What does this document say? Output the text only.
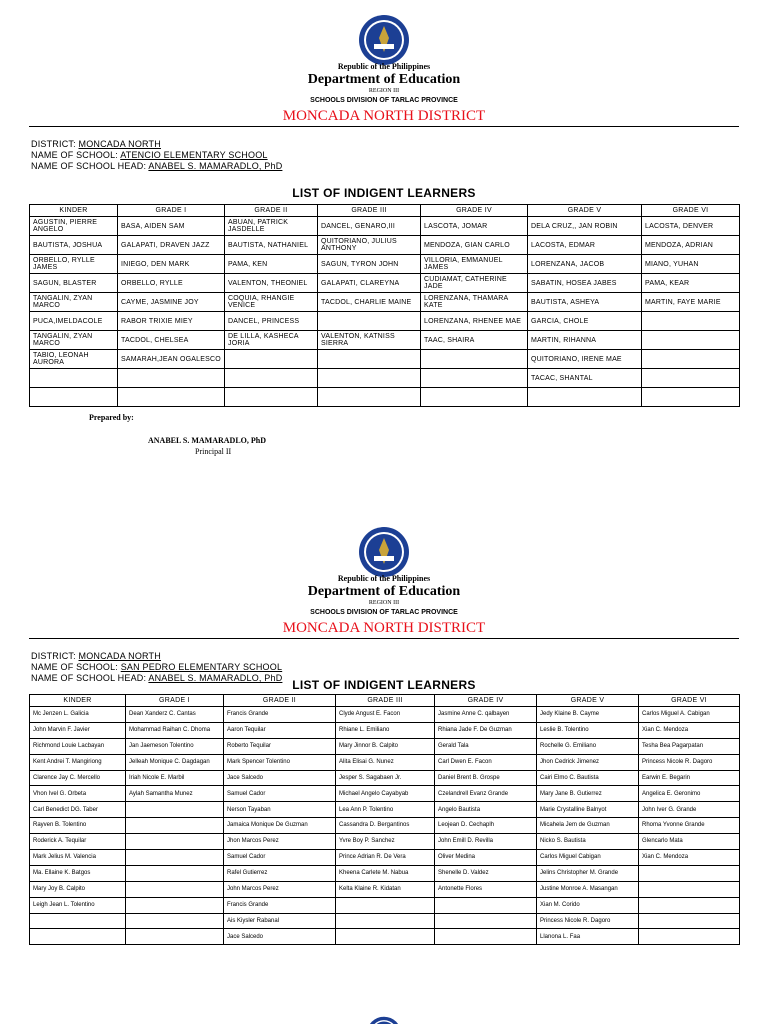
Republic of the Philippines
Department of Education
REGION III
SCHOOLS DIVISION OF TARLAC PROVINCE
MONCADA NORTH DISTRICT
DISTRICT: MONCADA NORTH
NAME OF SCHOOL: ATENCIO ELEMENTARY SCHOOL
NAME OF SCHOOL HEAD: ANABEL S. MAMARADLO, PhD
LIST OF INDIGENT LEARNERS
KINDER	GRADE I	GRADE II	GRADE III	GRADE IV	GRADE V	GRADE VI
AGUSTIN, PIERRE ANGELO	BASA, AIDEN SAM	ABUAN, PATRICK JASDELLE	DANCEL, GENARO,III	LASCOTA, JOMAR	DELA CRUZ,, JAN ROBIN	LACOSTA, DENVER
BAUTISTA, JOSHUA	GALAPATI, DRAVEN JAZZ	BAUTISTA, NATHANIEL	QUITORIANO, JULIUS ANTHONY	MENDOZA, GIAN CARLO	LACOSTA, EDMAR	MENDOZA, ADRIAN
ORBELLO, RYLLE JAMES	INIEGO, DEN MARK	PAMA, KEN	SAGUN, TYRON JOHN	VILLORIA, EMMANUEL JAMES	LORENZANA, JACOB	MIANO, YUHAN
SAGUN, BLASTER	ORBELLO, RYLLE	VALENTON, THEONIEL	GALAPATI, CLAREYNA	CUDIAMAT, CATHERINE JADE	SABATIN, HOSEA JABES	PAMA, KEAR
TANGALIN, ZYAN MARCO	CAYME, JASMINE JOY	COQUIA, RHANGIE VENICE	TACDOL, CHARLIE MAINE	LORENZANA, THAMARA KATE	BAUTISTA, ASHEYA	MARTIN, FAYE MARIE
PUCA,IMELDACOLE	RABOR TRIXIE MIEY	DANCEL, PRINCESS		LORENZANA, RHENEE MAE	GARCIA, CHOLE	
TANGALIN, ZYAN MARCO	TACDOL, CHELSEA	DE LILLA, KASHECA JORIA	VALENTON, KATNISS SIERRA	TAAC, SHAIRA	MARTIN, RIHANNA	
TABIO, LEONAH AURORA	SAMARAH,JEAN OGALESCO				QUITORIANO, IRENE MAE	
					TACAC, SHANTAL	

Prepared by:
ANABEL S. MAMARADLO, PhD
Principal II
Republic of the Philippines
Department of Education
REGION III
SCHOOLS DIVISION OF TARLAC PROVINCE
MONCADA NORTH DISTRICT
DISTRICT: MONCADA NORTH
NAME OF SCHOOL: SAN PEDRO ELEMENTARY SCHOOL
NAME OF SCHOOL HEAD: ANABEL S. MAMARADLO, PhD LIST OF INDIGENT LEARNERS
KINDER	GRADE I	GRADE II	GRADE III	GRADE IV	GRADE V	GRADE VI
Mc Jenzen L. Galicia	Dean Xanderz C. Cantas	Francis Grande	Clyde Angust E. Facon	Jasmine Anne C. qalbayen	Jedy Klaine B. Cayme	Carlos Miguel A. Cabigan
John Marvin F. Javier	Mohammad Raihan C. Dhoma	Aaron Tequilar	Rhiane L. Emiliano	Rhiana Jade F. De Guzman	Leslie B. Tolentino	Xian C. Mendoza
Richmond Louie Lacbayan	Jan Jaemeson Tolentino	Roberto Tequilar	Mary Jinnor B. Calpito	Gerald Tala	Rochelle G. Emiliano	Tesha Bea Pagarpatan
Kent Andrei T. Mangiriong	Jelleah Monique C. Dagdagan	Mark Spencer Tolentino	Alita Elisai G. Nunez	Carl Dwen E. Facon	Jhon Cedrick Jimenez	Princess Nicole R. Dagoro
Clarence Jay C. Mercello	Iriah Nicole E. Marbil	Jace Salcedo	Jesper S. Sagabaen Jr.	Daniel Brent B. Grospe	Cairi Elmo C. Bautista	Earwin E. Begarin
Vhon Ivel G. Orbeta	Aylah Samantha Munez	Samuel Cador	Michael Angelo Cayabyab	Czelandrell Evanz Grande	Mary Jane B. Gutierrez	Angelica E. Geronimo
Carl Benedict DG. Taber		Nerson Tayaban	Lea Ann P. Tolentino	Angelo Bautista	Marie Crystalline Balnyot	John Iver G. Grande
Rayven B. Tolentino		Jamaica Monique De Guzman	Cassandra D. Bergantinos	Leojean D. Cechaplh	Micahela Jem de Guzman	Rhoma Yvonne Grande
Roderick A. Tequilar		Jhon Marcos Perez	Yvre Boy P. Sanchez	John Emill D. Revilla	Nicko S. Bautista	Glencarlo Mata
Mark Jelius M. Valencia		Samuel Cador	Prince Adrian R. De Vera	Oliver Medina	Carlos Miguel Cabigan	Xian C. Mendoza
Ma. Ellaine K. Batgos		Rafel Gutierrez	Kheena Carlete M. Nabua	Shenelle D. Valdez	Jelins Christopher M. Grande	
Mary Joy B. Calpito		John Marcos Perez	Kelta Klaine R. Kidatan	Antonette Flores	Justine Monroe A. Masangan	
Leigh Jean L. Tolentino		Francis Grande			Xian M. Corido	
		Ais Kiysler Rabanal			Princess Nicole R. Dagoro	
		Jace Salcedo			Llanona L. Faa	
